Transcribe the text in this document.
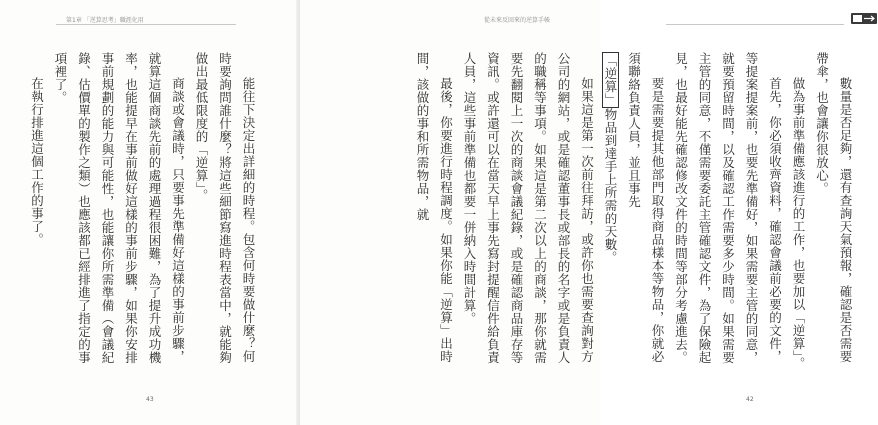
第1章 「逆算思考」職涯化用

能往下決定出詳細的時程。包含何時要做什麼？何時要詢問誰什麼？將這些細節寫進時程表當中，就能夠做出最低限度的「逆算」。

商談或會議時，只要事先準備好這樣的事前步驟，就算這個商談先前的處理過程很困難，為了提升成功機率，也能提早在事前做好這樣的事前步驟，如果你安排事前規劃的能力與可能性，也能讓你所需準備（會議紀錄、估價單的製作之類）也應該都已經排進了指定的事項裡了。

在執行排進這個工作的事了。

43
從未來反回來的逆算手帳

數量是否足夠，還有查詢天氣預報，確認是否需要帶傘，也會讓你很放心。

做為事前準備應該進行的工作，也要加以「逆算」。

首先，你必須收齊資料，確認會議前必要的文件，等提案提案前，也要先準備好，如果需要主管的同意，就要預留時間，以及確認工作需要多少時間。如果需要主管的同意，不僅需要委託主管確認文件，為了保險起見，也最好能先確認修改文件的時間等部分考慮進去。

要是需要提其他部門取得商品樣本等物品，你就必須聯絡負責人員，並且事先

「逆算」物品到達手上所需的天數。

如果這是第一次前往拜訪，或許你也需要查詢對方公司的網站，或是確認董事長或部長的名字或是負責人的職稱等事項。如果這是第二次以上的商談，那你就需要先翻閱上一次的商談會議紀錄，或是確認商品庫存等資訊。或許還可以在當天早上事先寫封提醒信件給負責人員，這些事前準備也都要一併納入時間計算。

最後，你要進行時程調度。如果你能「逆算」出時間，該做的事和所需物品，就

42
